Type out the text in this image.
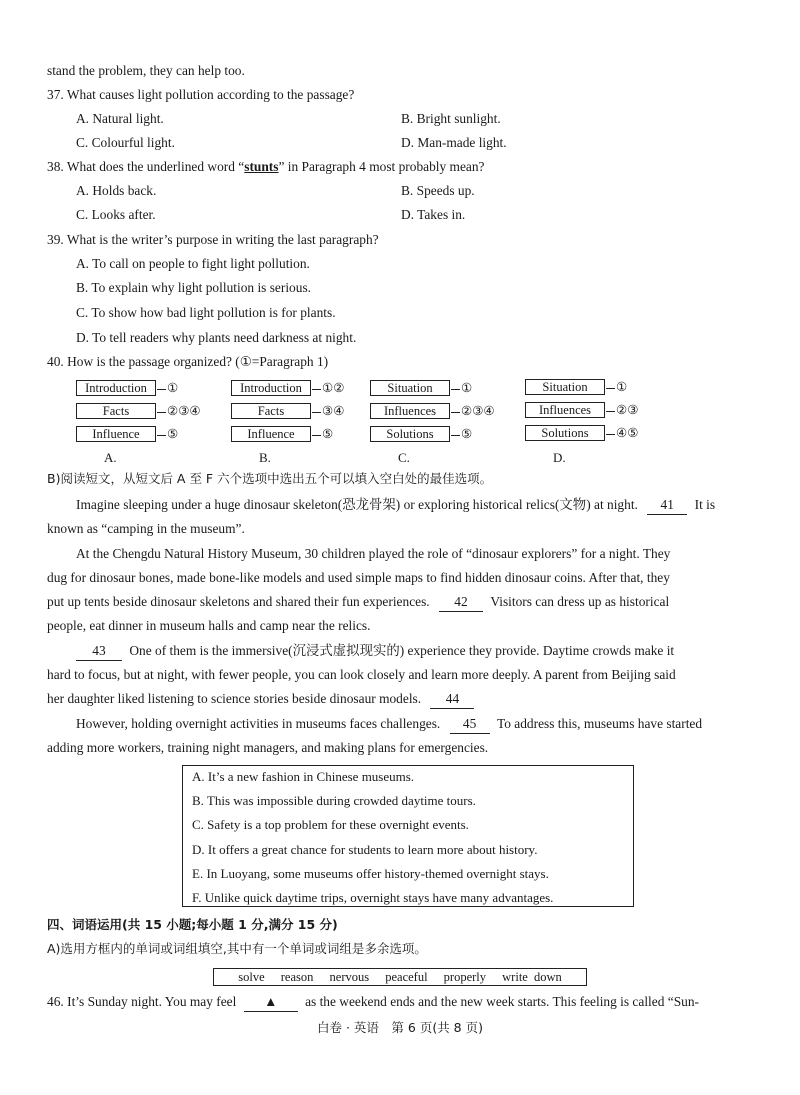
stand the problem, they can help too.
37. What causes light pollution according to the passage?
A. Natural light.	B. Bright sunlight.
C. Colourful light.	D. Man-made light.
38. What does the underlined word “stunts” in Paragraph 4 most probably mean?
A. Holds back.	B. Speeds up.
C. Looks after.	D. Takes in.
39. What is the writer’s purpose in writing the last paragraph?
A. To call on people to fight light pollution.
B. To explain why light pollution is serious.
C. To show how bad light pollution is for plants.
D. To tell readers why plants need darkness at night.
40. How is the passage organized? (①=Paragraph 1)
Introduction	①
Facts	②③④
Influence	⑤
A.
Introduction	①②
Facts	③④
Influence	⑤
B.
Situation	①
Influences	②③④
Solutions	⑤
C.
Situation	①
Influences	②③
Solutions	④⑤
D.
B)阅读短文，从短文后 A 至 F 六个选项中选出五个可以填入空白处的最佳选项。
Imagine sleeping under a huge dinosaur skeleton(恐龙骨架) or exploring historical relics(文物) at night. 41 It is
known as “camping in the museum”.
At the Chengdu Natural History Museum, 30 children played the role of “dinosaur explorers” for a night. They
dug for dinosaur bones, made bone-like models and used simple maps to find hidden dinosaur coins. After that, they
put up tents beside dinosaur skeletons and shared their fun experiences. 42 Visitors can dress up as historical
people, eat dinner in museum halls and camp near the relics.
43 One of them is the immersive(沉浸式虚拟现实的) experience they provide. Daytime crowds make it
hard to focus, but at night, with fewer people, you can look closely and learn more deeply. A parent from Beijing said
her daughter liked listening to science stories beside dinosaur models. 44
However, holding overnight activities in museums faces challenges. 45 To address this, museums have started
adding more workers, training night managers, and making plans for emergencies.
A. It’s a new fashion in Chinese museums.
B. This was impossible during crowded daytime tours.
C. Safety is a top problem for these overnight events.
D. It offers a great chance for students to learn more about history.
E. In Luoyang, some museums offer history-themed overnight stays.
F. Unlike quick daytime trips, overnight stays have many advantages.
四、词语运用(共 15 小题;每小题 1 分,满分 15 分)
A)选用方框内的单词或词组填空,其中有一个单词或词组是多余选项。
solve reason nervous peaceful properly write down
46. It’s Sunday night. You may feel ▲ as the weekend ends and the new week starts. This feeling is called “Sun-
白卷 · 英语　第 6 页(共 8 页)
